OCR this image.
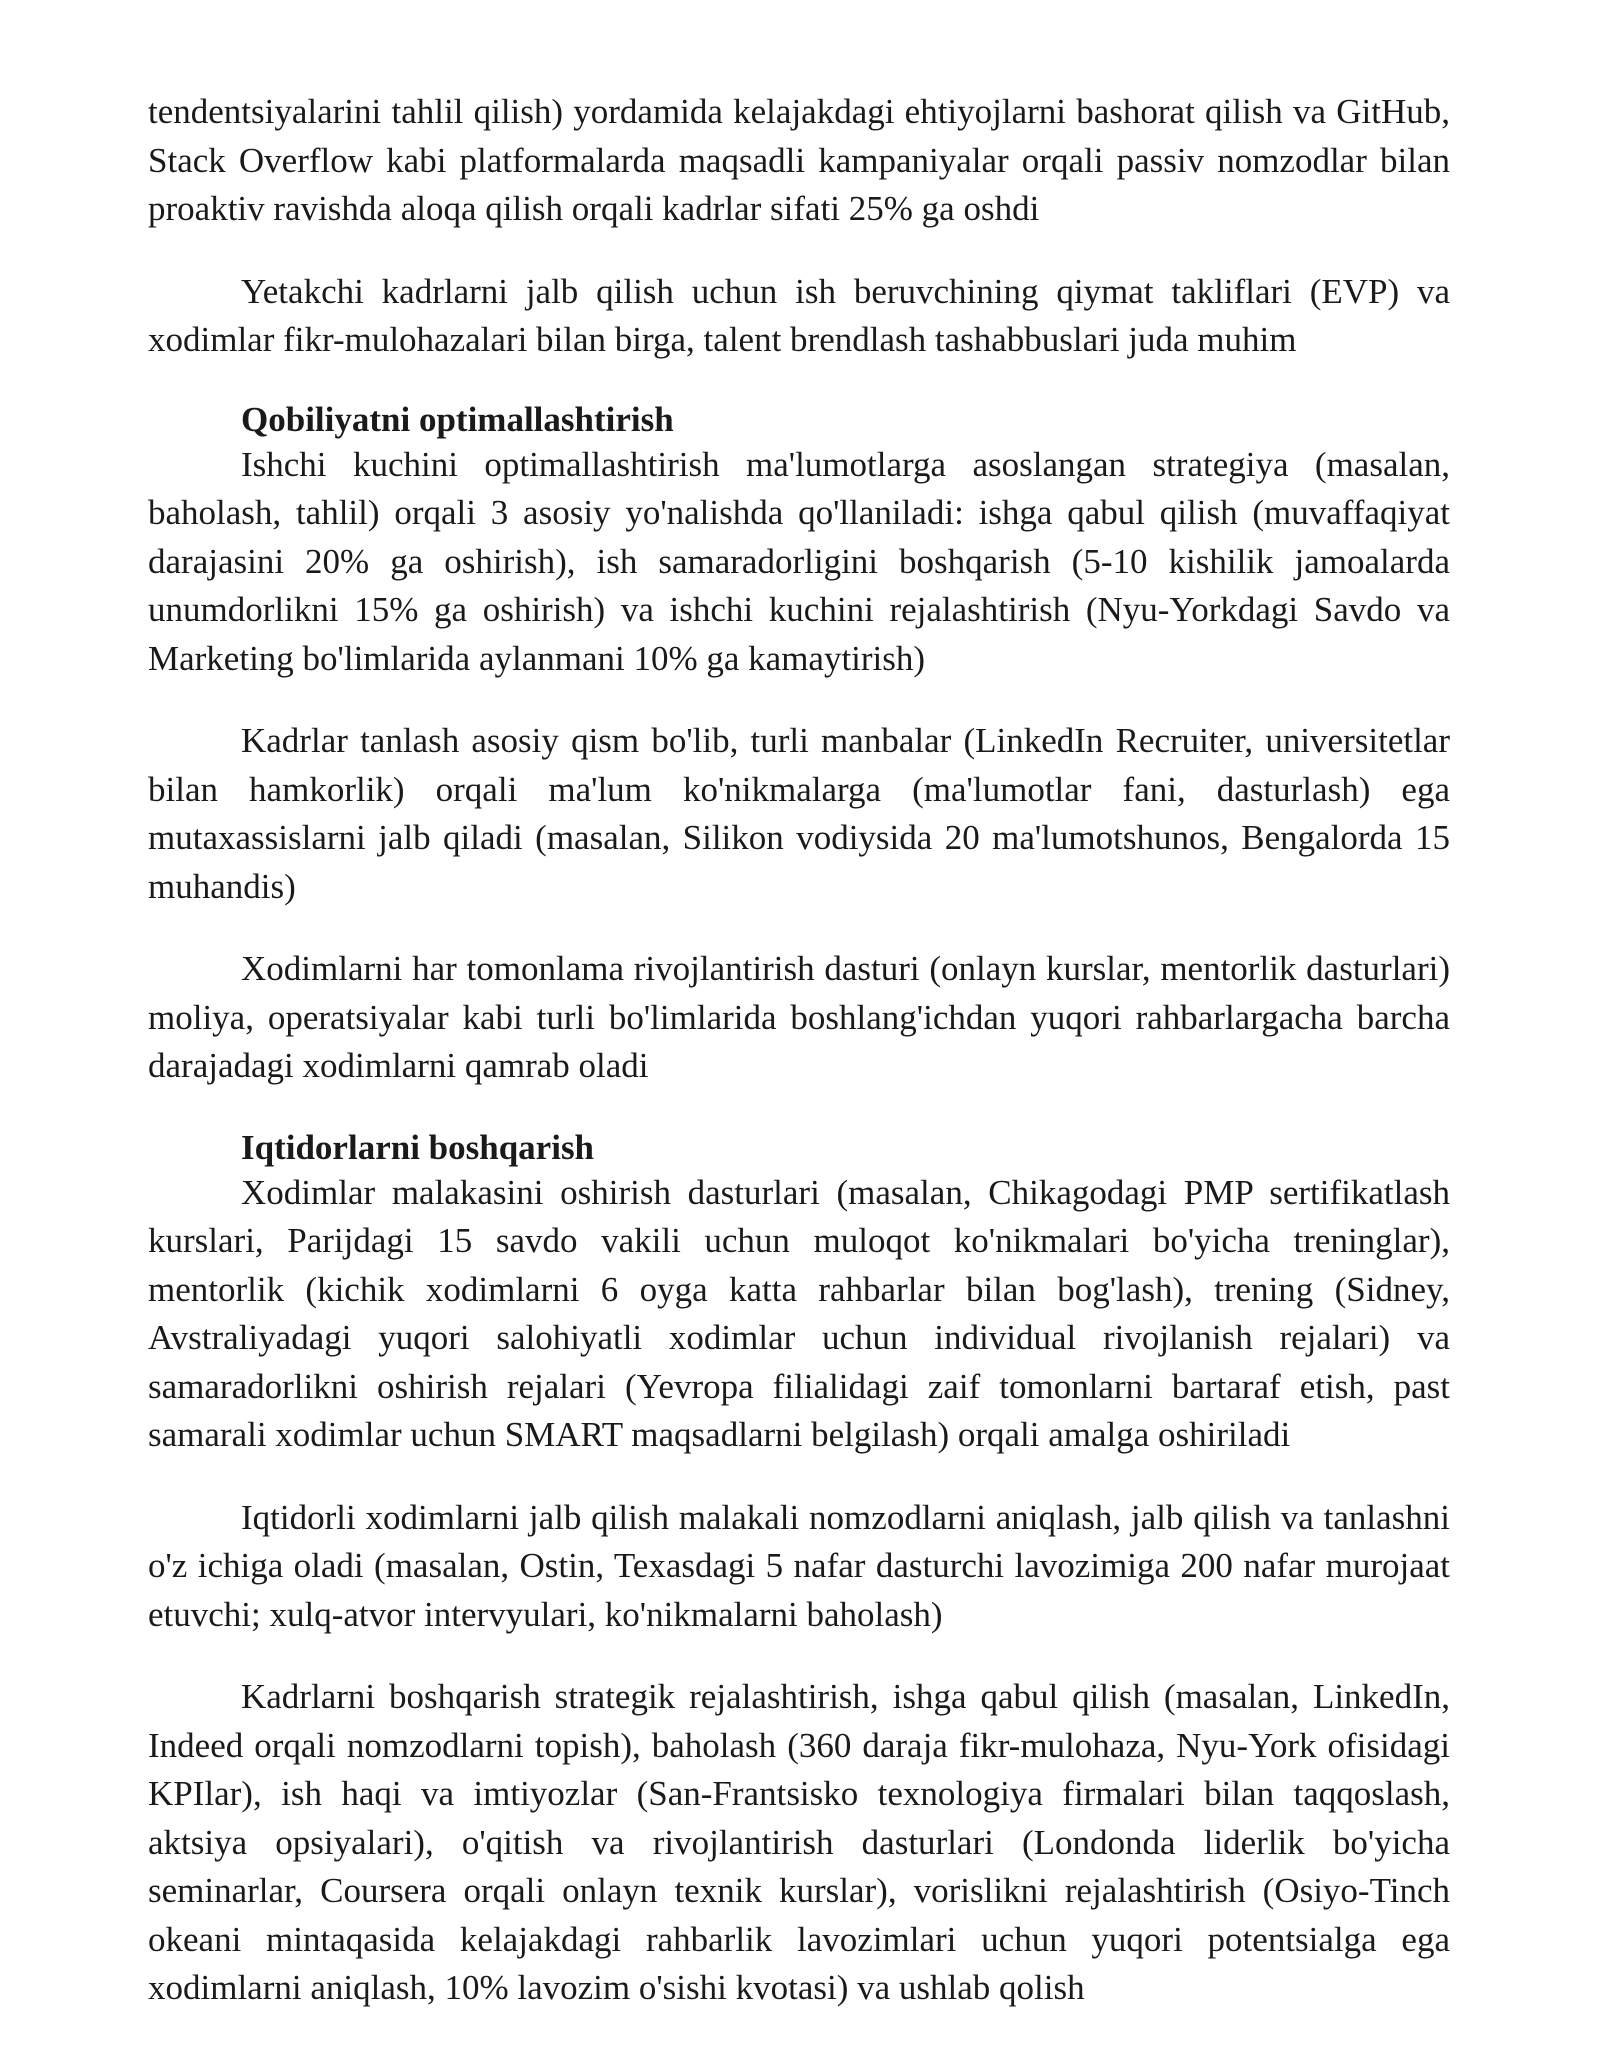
tendentsiyalarini tahlil qilish) yordamida kelajakdagi ehtiyojlarni bashorat qilish va GitHub, Stack Overflow kabi platformalarda maqsadli kampaniyalar orqali passiv nomzodlar bilan proaktiv ravishda aloqa qilish orqali kadrlar sifati 25% ga oshdi

Yetakchi kadrlarni jalb qilish uchun ish beruvchining qiymat takliflari (EVP) va xodimlar fikr-mulohazalari bilan birga, talent brendlash tashabbuslari juda muhim

Qobiliyatni optimallashtirish

Ishchi kuchini optimallashtirish ma'lumotlarga asoslangan strategiya (masalan, baholash, tahlil) orqali 3 asosiy yo'nalishda qo'llaniladi: ishga qabul qilish (muvaffaqiyat darajasini 20% ga oshirish), ish samaradorligini boshqarish (5-10 kishilik jamoalarda unumdorlikni 15% ga oshirish) va ishchi kuchini rejalashtirish (Nyu-Yorkdagi Savdo va Marketing bo'limlarida aylanmani 10% ga kamaytirish)

Kadrlar tanlash asosiy qism bo'lib, turli manbalar (LinkedIn Recruiter, universitetlar bilan hamkorlik) orqali ma'lum ko'nikmalarga (ma'lumotlar fani, dasturlash) ega mutaxassislarni jalb qiladi (masalan, Silikon vodiysida 20 ma'lumotshunos, Bengalorda 15 muhandis)

Xodimlarni har tomonlama rivojlantirish dasturi (onlayn kurslar, mentorlik dasturlari) moliya, operatsiyalar kabi turli bo'limlarida boshlang'ichdan yuqori rahbarlargacha barcha darajadagi xodimlarni qamrab oladi

Iqtidorlarni boshqarish

Xodimlar malakasini oshirish dasturlari (masalan, Chikagodagi PMP sertifikatlash kurslari, Parijdagi 15 savdo vakili uchun muloqot ko'nikmalari bo'yicha treninglar), mentorlik (kichik xodimlarni 6 oyga katta rahbarlar bilan bog'lash), trening (Sidney, Avstraliyadagi yuqori salohiyatli xodimlar uchun individual rivojlanish rejalari) va samaradorlikni oshirish rejalari (Yevropa filialidagi zaif tomonlarni bartaraf etish, past samarali xodimlar uchun SMART maqsadlarni belgilash) orqali amalga oshiriladi

Iqtidorli xodimlarni jalb qilish malakali nomzodlarni aniqlash, jalb qilish va tanlashni o'z ichiga oladi (masalan, Ostin, Texasdagi 5 nafar dasturchi lavozimiga 200 nafar murojaat etuvchi; xulq-atvor intervyulari, ko'nikmalarni baholash)

Kadrlarni boshqarish strategik rejalashtirish, ishga qabul qilish (masalan, LinkedIn, Indeed orqali nomzodlarni topish), baholash (360 daraja fikr-mulohaza, Nyu-York ofisidagi KPIlar), ish haqi va imtiyozlar (San-Frantsisko texnologiya firmalari bilan taqqoslash, aktsiya opsiyalari), o'qitish va rivojlantirish dasturlari (Londonda liderlik bo'yicha seminarlar, Coursera orqali onlayn texnik kurslar), vorislikni rejalashtirish (Osiyo-Tinch okeani mintaqasida kelajakdagi rahbarlik lavozimlari uchun yuqori potentsialga ega xodimlarni aniqlash, 10% lavozim o'sishi kvotasi) va ushlab qolish
